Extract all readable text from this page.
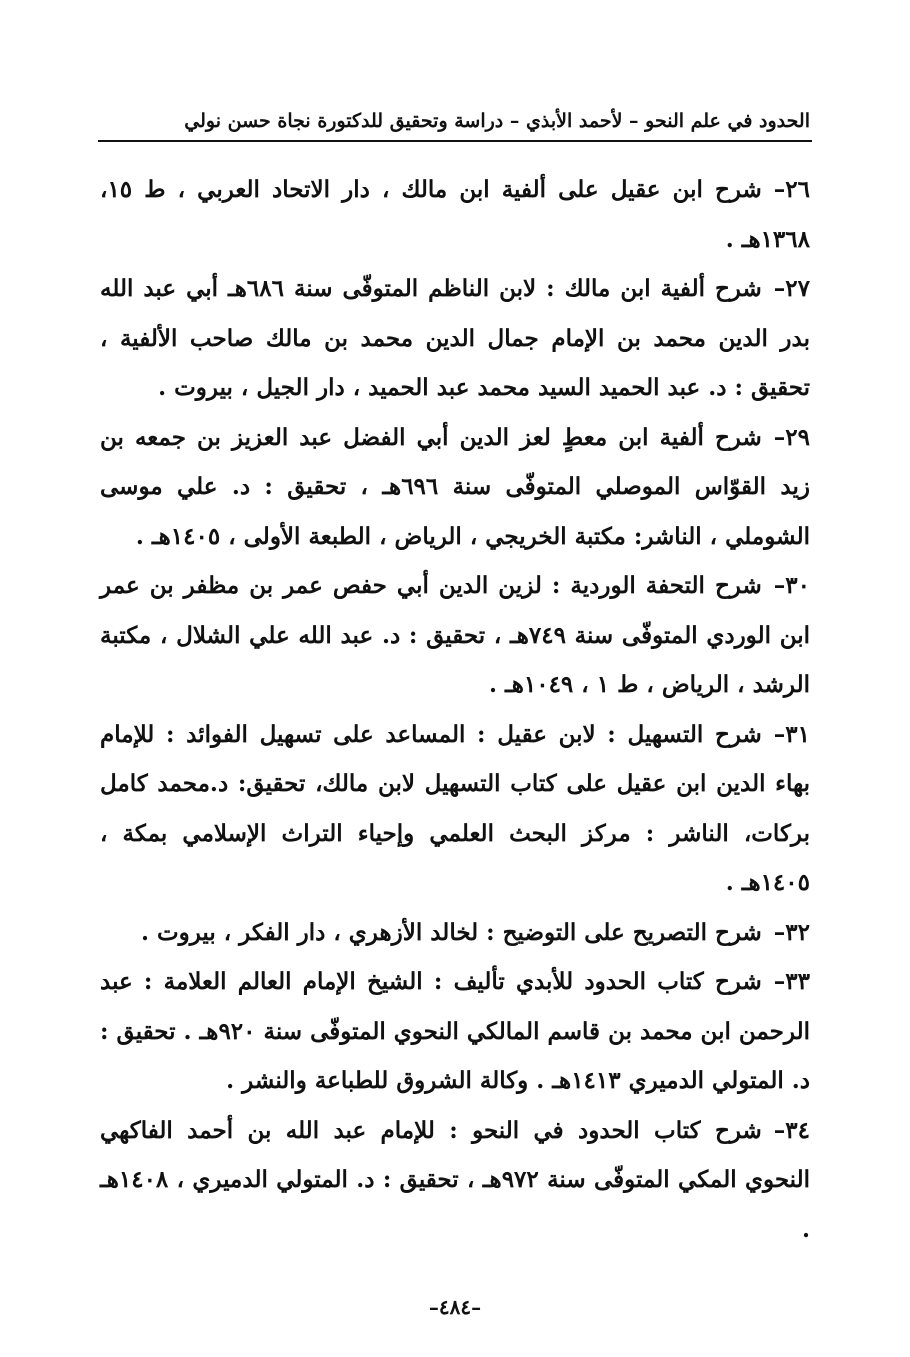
الحدود في علم النحو – لأحمد الأبذي – دراسة وتحقيق للدكتورة نجاة حسن نولي

٢٦–شرح ابن عقيل على ألفية ابن مالك ، دار الاتحاد العربي ، ط ١٥، ١٣٦٨هـ .

٢٧–شرح ألفية ابن مالك : لابن الناظم المتوفّى سنة ٦٨٦هـ أبي عبد الله بدر الدين محمد بن الإمام جمال الدين محمد بن مالك صاحب الألفية ، تحقيق : د. عبد الحميد السيد محمد عبد الحميد ، دار الجيل ، بيروت .

٢٩–شرح ألفية ابن معطٍ لعز الدين أبي الفضل عبد العزيز بن جمعه بن زيد القوّاس الموصلي المتوفّى سنة ٦٩٦هـ ، تحقيق : د. علي موسى الشوملي ، الناشر: مكتبة الخريجي ، الرياض ، الطبعة الأولى ، ١٤٠٥هـ .

٣٠–شرح التحفة الوردية : لزين الدين أبي حفص عمر بن مظفر بن عمر ابن الوردي المتوفّى سنة ٧٤٩هـ ، تحقيق : د. عبد الله علي الشلال ، مكتبة الرشد ، الرياض ، ط ١ ، ١٠٤٩هـ .

٣١–شرح التسهيل : لابن عقيل : المساعد على تسهيل الفوائد : للإمام بهاء الدين ابن عقيل على كتاب التسهيل لابن مالك، تحقيق: د.محمد كامل بركات، الناشر : مركز البحث العلمي وإحياء التراث الإسلامي بمكة ، ١٤٠٥هـ .

٣٢–شرح التصريح على التوضيح : لخالد الأزهري ، دار الفكر ، بيروت .

٣٣–شرح كتاب الحدود للأبدي تأليف : الشيخ الإمام العالم العلامة : عبد الرحمن ابن محمد بن قاسم المالكي النحوي المتوفّى سنة ٩٢٠هـ . تحقيق : د. المتولي الدميري ١٤١٣هـ . وكالة الشروق للطباعة والنشر .

٣٤–شرح كتاب الحدود في النحو : للإمام عبد الله بن أحمد الفاكهي النحوي المكي المتوفّى سنة ٩٧٢هـ ، تحقيق : د. المتولي الدميري ، ١٤٠٨هـ .

–٤٨٤–
